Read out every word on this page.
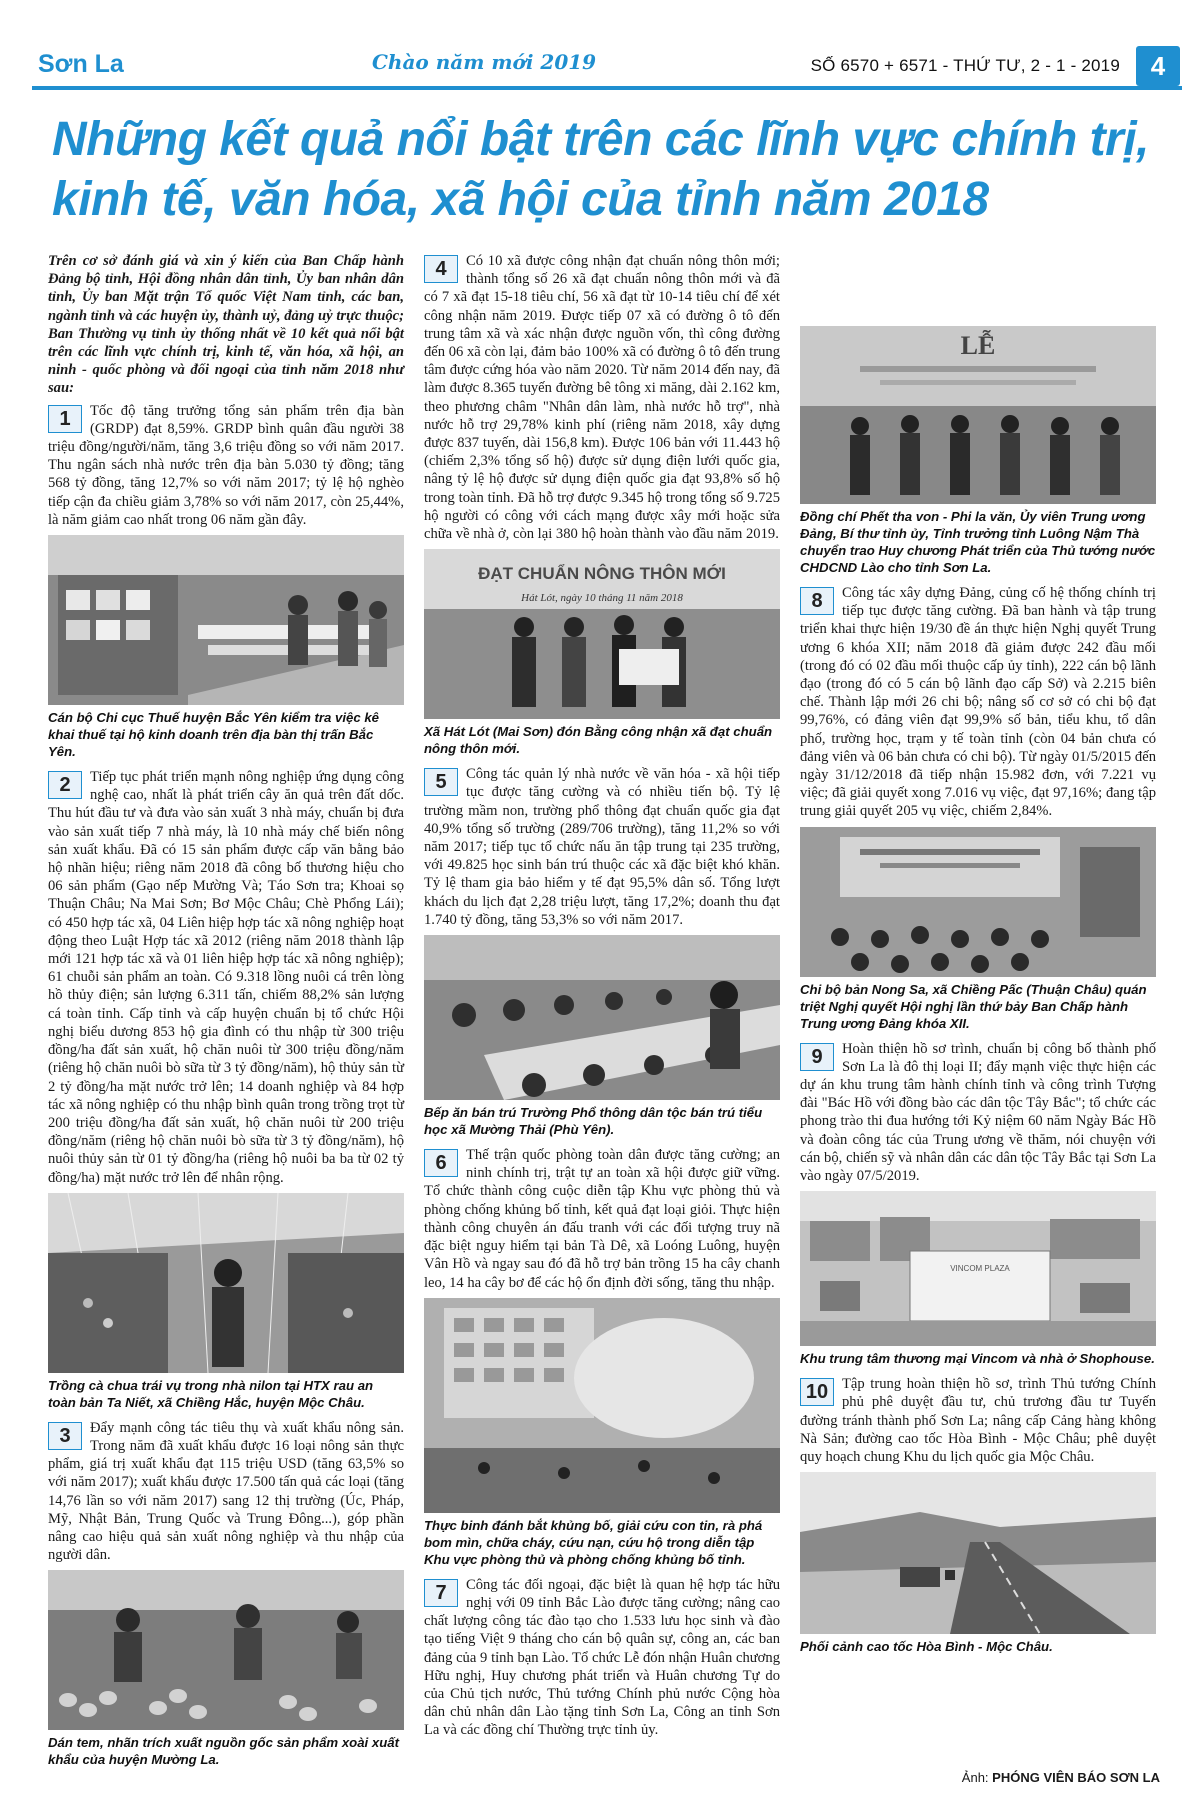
Sơn La	Chào năm mới 2019	SỐ 6570 + 6571 - THỨ TƯ, 2 - 1 - 2019	4
Những kết quả nổi bật trên các lĩnh vực chính trị, kinh tế, văn hóa, xã hội của tỉnh năm 2018

Trên cơ sở đánh giá và xin ý kiến của Ban Chấp hành Đảng bộ tỉnh, Hội đồng nhân dân tỉnh, Ủy ban nhân dân tỉnh, Ủy ban Mặt trận Tổ quốc Việt Nam tỉnh, các ban, ngành tỉnh và các huyện ủy, thành uỷ, đảng uỷ trực thuộc; Ban Thường vụ tỉnh ủy thống nhất về 10 kết quả nổi bật trên các lĩnh vực chính trị, kinh tế, văn hóa, xã hội, an ninh - quốc phòng và đối ngoại của tỉnh năm 2018 như sau:

1	Tốc độ tăng trưởng tổng sản phẩm trên địa bàn (GRDP) đạt 8,59%. GRDP bình quân đầu người 38 triệu đồng/người/năm, tăng 3,6 triệu đồng so với năm 2017. Thu ngân sách nhà nước trên địa bàn 5.030 tỷ đồng; tăng 568 tỷ đồng, tăng 12,7% so với năm 2017; tỷ lệ hộ nghèo tiếp cận đa chiều giảm 3,78% so với năm 2017, còn 25,44%, là năm giảm cao nhất trong 06 năm gần đây.

Cán bộ Chi cục Thuế huyện Bắc Yên kiểm tra việc kê khai thuế tại hộ kinh doanh trên địa bàn thị trấn Bắc Yên.

2	Tiếp tục phát triển mạnh nông nghiệp ứng dụng công nghệ cao, nhất là phát triển cây ăn quả trên đất dốc. Thu hút đầu tư và đưa vào sản xuất 3 nhà máy, chuẩn bị đưa vào sản xuất tiếp 7 nhà máy, là 10 nhà máy chế biến nông sản xuất khẩu. Đã có 15 sản phẩm được cấp văn bằng bảo hộ nhãn hiệu; riêng năm 2018 đã công bố thương hiệu cho 06 sản phẩm (Gạo nếp Mường Và; Táo Sơn tra; Khoai sọ Thuận Châu; Na Mai Sơn; Bơ Mộc Châu; Chè Phổng Lái); có 450 hợp tác xã, 04 Liên hiệp hợp tác xã nông nghiệp hoạt động theo Luật Hợp tác xã 2012 (riêng năm 2018 thành lập mới 121 hợp tác xã và 01 liên hiệp hợp tác xã nông nghiệp); 61 chuỗi sản phẩm an toàn. Có 9.318 lồng nuôi cá trên lòng hồ thủy điện; sản lượng 6.311 tấn, chiếm 88,2% sản lượng cá toàn tỉnh. Cấp tỉnh và cấp huyện chuẩn bị tổ chức Hội nghị biểu dương 853 hộ gia đình có thu nhập từ 300 triệu đồng/ha đất sản xuất, hộ chăn nuôi từ 300 triệu đồng/năm (riêng hộ chăn nuôi bò sữa từ 3 tỷ đồng/năm), hộ thủy sản từ 2 tỷ đồng/ha mặt nước trở lên; 14 doanh nghiệp và 84 hợp tác xã nông nghiệp có thu nhập bình quân trong trồng trọt từ 200 triệu đồng/ha đất sản xuất, hộ chăn nuôi từ 200 triệu đồng/năm (riêng hộ chăn nuôi bò sữa từ 3 tỷ đồng/năm), hộ nuôi thủy sản từ 01 tỷ đồng/ha (riêng hộ nuôi ba ba từ 02 tỷ đồng/ha) mặt nước trở lên để nhân rộng.

Trồng cà chua trái vụ trong nhà nilon tại HTX rau an toàn bản Ta Niết, xã Chiềng Hắc, huyện Mộc Châu.

3	Đẩy mạnh công tác tiêu thụ và xuất khẩu nông sản. Trong năm đã xuất khẩu được 16 loại nông sản thực phẩm, giá trị xuất khẩu đạt 115 triệu USD (tăng 63,5% so với năm 2017); xuất khẩu được 17.500 tấn quả các loại (tăng 14,76 lần so với năm 2017) sang 12 thị trường (Úc, Pháp, Mỹ, Nhật Bản, Trung Quốc và Trung Đông...), góp phần nâng cao hiệu quả sản xuất nông nghiệp và thu nhập của người dân.

Dán tem, nhãn trích xuất nguồn gốc sản phẩm xoài xuất khẩu của huyện Mường La.

4	Có 10 xã được công nhận đạt chuẩn nông thôn mới; thành tổng số 26 xã đạt chuẩn nông thôn mới và đã có 7 xã đạt 15-18 tiêu chí, 56 xã đạt từ 10-14 tiêu chí để xét công nhận năm 2019. Được tiếp 07 xã có đường ô tô đến trung tâm xã và xác nhận được nguồn vốn, thì công đường đến 06 xã còn lại, đảm bảo 100% xã có đường ô tô đến trung tâm được cứng hóa vào năm 2020. Từ năm 2014 đến nay, đã làm được 8.365 tuyến đường bê tông xi măng, dài 2.162 km, theo phương châm "Nhân dân làm, nhà nước hỗ trợ", nhà nước hỗ trợ 29,78% kinh phí (riêng năm 2018, xây dựng được 837 tuyến, dài 156,8 km). Được 106 bản với 11.443 hộ (chiếm 2,3% tổng số hộ) được sử dụng điện lưới quốc gia, nâng tỷ lệ hộ được sử dụng điện quốc gia đạt 93,8% số hộ trong toàn tỉnh. Đã hỗ trợ được 9.345 hộ trong tổng số 9.725 hộ người có công với cách mạng được xây mới hoặc sửa chữa về nhà ở, còn lại 380 hộ hoàn thành vào đầu năm 2019.

ĐẠT CHUẨN NÔNG THÔN MỚI
Hát Lót, ngày 10 tháng 11 năm 2018
Xã Hát Lót (Mai Sơn) đón Bằng công nhận xã đạt chuẩn nông thôn mới.

5	Công tác quản lý nhà nước về văn hóa - xã hội tiếp tục được tăng cường và có nhiều tiến bộ. Tỷ lệ trường mầm non, trường phổ thông đạt chuẩn quốc gia đạt 40,9% tổng số trường (289/706 trường), tăng 11,2% so với năm 2017; tiếp tục tổ chức nấu ăn tập trung tại 235 trường, với 49.825 học sinh bán trú thuộc các xã đặc biệt khó khăn. Tỷ lệ tham gia bảo hiểm y tế đạt 95,5% dân số. Tổng lượt khách du lịch đạt 2,28 triệu lượt, tăng 17,2%; doanh thu đạt 1.740 tỷ đồng, tăng 53,3% so với năm 2017.

Bếp ăn bán trú Trường Phổ thông dân tộc bán trú tiểu học xã Mường Thải (Phù Yên).

6	Thế trận quốc phòng toàn dân được tăng cường; an ninh chính trị, trật tự an toàn xã hội được giữ vững. Tổ chức thành công cuộc diễn tập Khu vực phòng thủ và phòng chống khủng bố tỉnh, kết quả đạt loại giỏi. Thực hiện thành công chuyên án đấu tranh với các đối tượng truy nã đặc biệt nguy hiểm tại bản Tà Dê, xã Loóng Luông, huyện Vân Hồ và ngay sau đó đã hỗ trợ bản trồng 15 ha cây chanh leo, 14 ha cây bơ để các hộ ổn định đời sống, tăng thu nhập.

Thực binh đánh bắt khủng bố, giải cứu con tin, rà phá bom mìn, chữa cháy, cứu nạn, cứu hộ trong diễn tập Khu vực phòng thủ và phòng chống khủng bố tỉnh.

7	Công tác đối ngoại, đặc biệt là quan hệ hợp tác hữu nghị với 09 tỉnh Bắc Lào được tăng cường; nâng cao chất lượng công tác đào tạo cho 1.533 lưu học sinh và đào tạo tiếng Việt 9 tháng cho cán bộ quân sự, công an, các ban đảng của 9 tỉnh bạn Lào. Tổ chức Lễ đón nhận Huân chương Hữu nghị, Huy chương phát triển và Huân chương Tự do của Chủ tịch nước, Thủ tướng Chính phủ nước Cộng hòa dân chủ nhân dân Lào tặng tỉnh Sơn La, Công an tỉnh Sơn La và các đồng chí Thường trực tỉnh ủy.

LỄ
Đồng chí Phết tha von - Phi la văn, Ủy viên Trung ương Đảng, Bí thư tỉnh ủy, Tỉnh trưởng tỉnh Luông Nậm Thà chuyển trao Huy chương Phát triển của Thủ tướng nước CHDCND Lào cho tỉnh Sơn La.

8	Công tác xây dựng Đảng, củng cố hệ thống chính trị tiếp tục được tăng cường. Đã ban hành và tập trung triển khai thực hiện 19/30 đề án thực hiện Nghị quyết Trung ương 6 khóa XII; năm 2018 đã giảm được 242 đầu mối (trong đó có 02 đầu mối thuộc cấp ủy tỉnh), 222 cán bộ lãnh đạo (trong đó có 5 cán bộ lãnh đạo cấp Sở) và 2.215 biên chế. Thành lập mới 26 chi bộ; nâng số cơ sở có chi bộ đạt 99,76%, có đảng viên đạt 99,9% số bản, tiểu khu, tổ dân phố, trường học, trạm y tế toàn tỉnh (còn 04 bản chưa có đảng viên và 06 bản chưa có chi bộ). Từ ngày 01/5/2015 đến ngày 31/12/2018 đã tiếp nhận 15.982 đơn, với 7.221 vụ việc; đã giải quyết xong 7.016 vụ việc, đạt 97,16%; đang tập trung giải quyết 205 vụ việc, chiếm 2,84%.

Chi bộ bản Nong Sa, xã Chiềng Pấc (Thuận Châu) quán triệt Nghị quyết Hội nghị lần thứ bảy Ban Chấp hành Trung ương Đảng khóa XII.

9	Hoàn thiện hồ sơ trình, chuẩn bị công bố thành phố Sơn La là đô thị loại II; đẩy mạnh việc thực hiện các dự án khu trung tâm hành chính tỉnh và công trình Tượng đài "Bác Hồ với đồng bào các dân tộc Tây Bắc"; tổ chức các phong trào thi đua hướng tới Kỷ niệm 60 năm Ngày Bác Hồ và đoàn công tác của Trung ương về thăm, nói chuyện với cán bộ, chiến sỹ và nhân dân các dân tộc Tây Bắc tại Sơn La vào ngày 07/5/2019.

VINCOM PLAZA
Khu trung tâm thương mại Vincom và nhà ở Shophouse.

10 Tập trung hoàn thiện hồ sơ, trình Thủ tướng Chính phủ phê duyệt đầu tư, chủ trương đầu tư Tuyến đường tránh thành phố Sơn La; nâng cấp Cảng hàng không Nà Sản; đường cao tốc Hòa Bình - Mộc Châu; phê duyệt quy hoạch chung Khu du lịch quốc gia Mộc Châu.

Phối cảnh cao tốc Hòa Bình - Mộc Châu.
Ảnh: PHÓNG VIÊN BÁO SƠN LA
